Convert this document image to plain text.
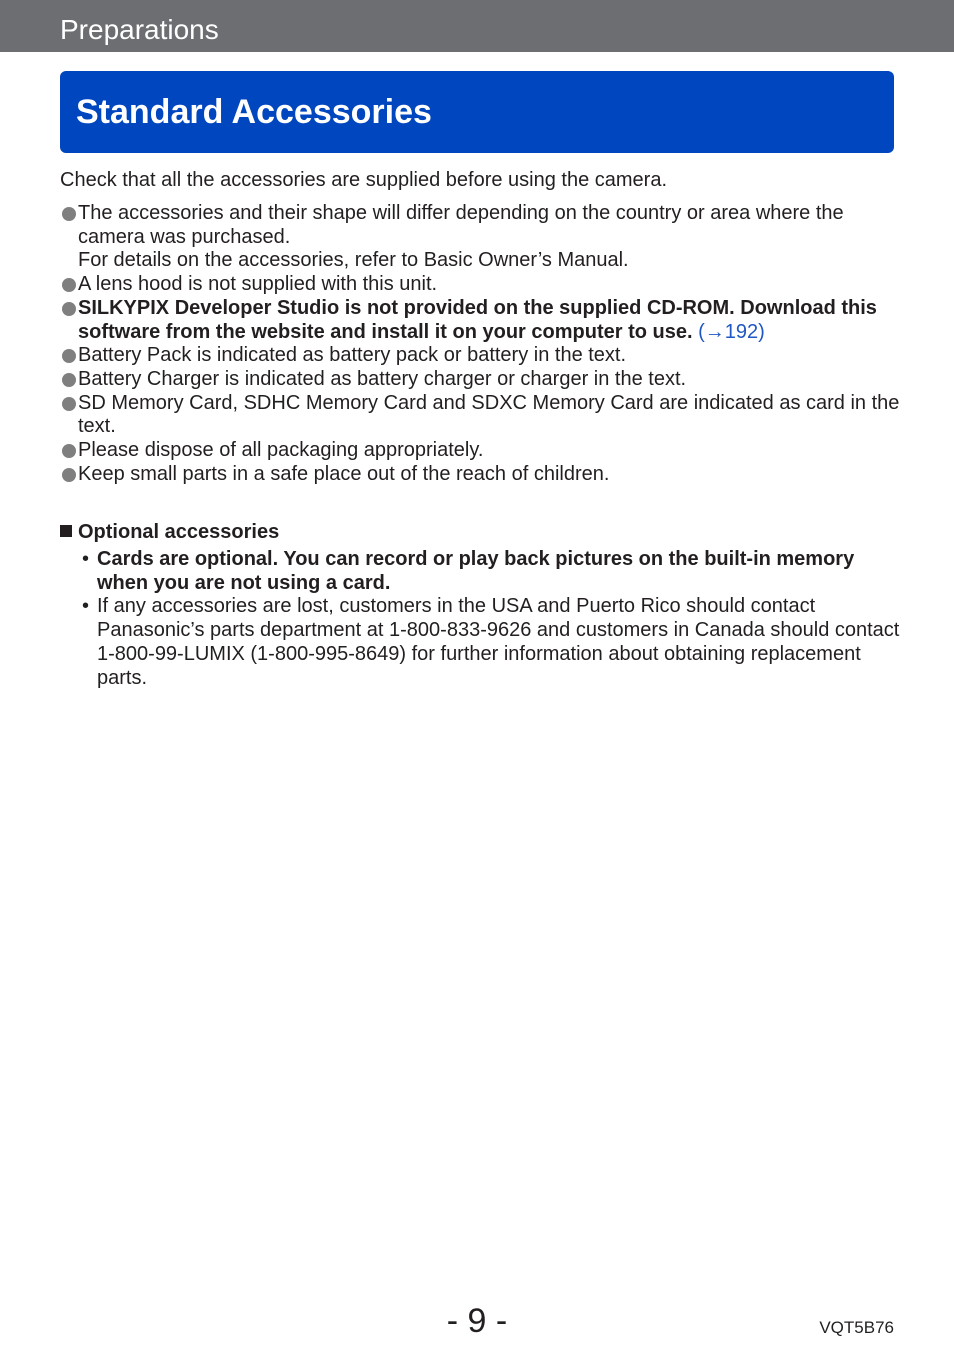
Preparations
Standard Accessories
Check that all the accessories are supplied before using the camera.
The accessories and their shape will differ depending on the country or area where the camera was purchased.
For details on the accessories, refer to Basic Owner’s Manual.
A lens hood is not supplied with this unit.
SILKYPIX Developer Studio is not provided on the supplied CD-ROM. Download this software from the website and install it on your computer to use. (→192)
Battery Pack is indicated as battery pack or battery in the text.
Battery Charger is indicated as battery charger or charger in the text.
SD Memory Card, SDHC Memory Card and SDXC Memory Card are indicated as card in the text.
Please dispose of all packaging appropriately.
Keep small parts in a safe place out of the reach of children.
Optional accessories
• Cards are optional. You can record or play back pictures on the built-in memory when you are not using a card.
• If any accessories are lost, customers in the USA and Puerto Rico should contact Panasonic’s parts department at 1-800-833-9626 and customers in Canada should contact 1-800-99-LUMIX (1-800-995-8649) for further information about obtaining replacement parts.
- 9 -	VQT5B76
